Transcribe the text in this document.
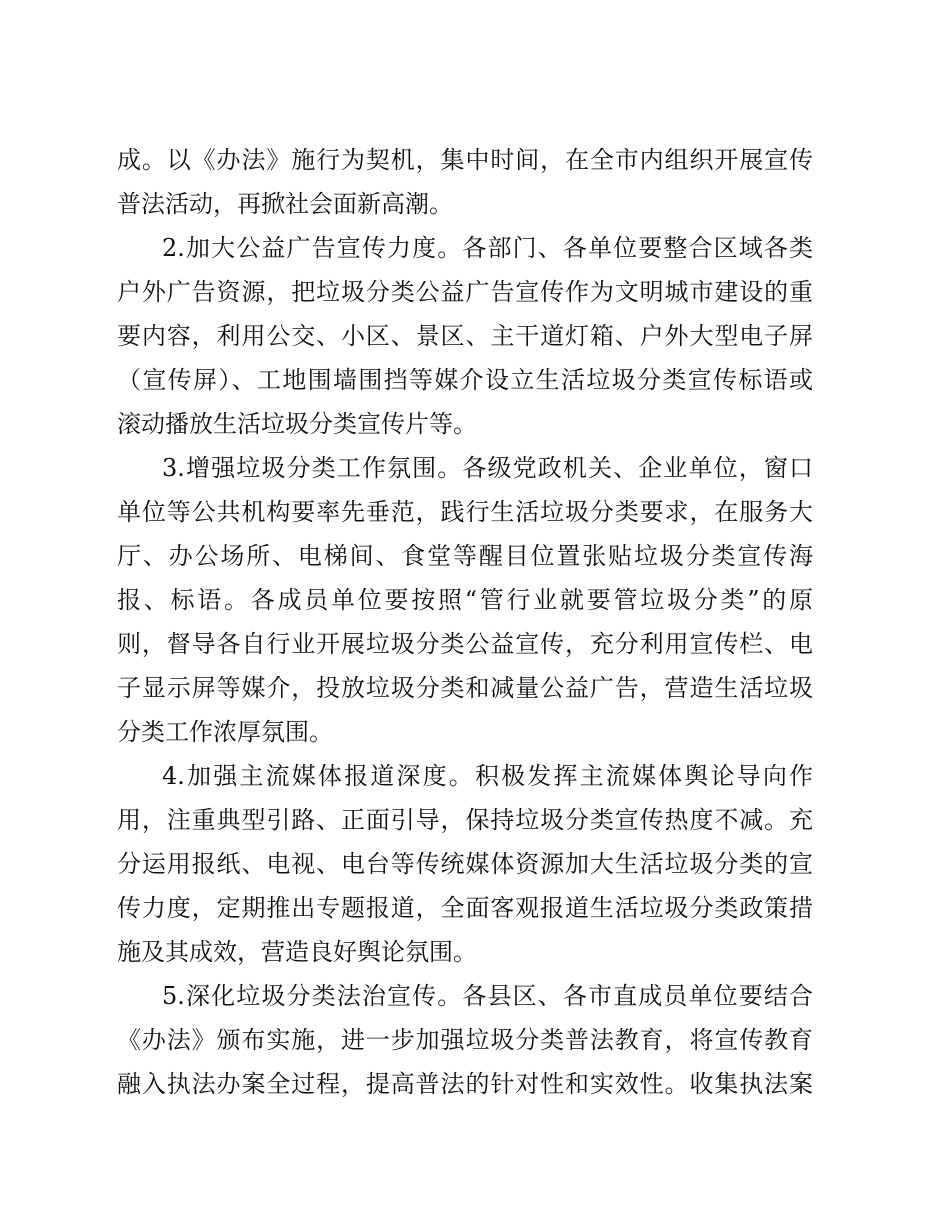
成。以《办法》施行为契机，集中时间，在全市内组织开展宣传
普法活动，再掀社会面新高潮。
2.加大公益广告宣传力度。各部门、各单位要整合区域各类
户外广告资源，把垃圾分类公益广告宣传作为文明城市建设的重
要内容，利用公交、小区、景区、主干道灯箱、户外大型电子屏
（宣传屏）、工地围墙围挡等媒介设立生活垃圾分类宣传标语或
滚动播放生活垃圾分类宣传片等。
3.增强垃圾分类工作氛围。各级党政机关、企业单位，窗口
单位等公共机构要率先垂范，践行生活垃圾分类要求，在服务大
厅、办公场所、电梯间、食堂等醒目位置张贴垃圾分类宣传海
报、标语。各成员单位要按照“管行业就要管垃圾分类”的原
则，督导各自行业开展垃圾分类公益宣传，充分利用宣传栏、电
子显示屏等媒介，投放垃圾分类和减量公益广告，营造生活垃圾
分类工作浓厚氛围。
4.加强主流媒体报道深度。积极发挥主流媒体舆论导向作
用，注重典型引路、正面引导，保持垃圾分类宣传热度不减。充
分运用报纸、电视、电台等传统媒体资源加大生活垃圾分类的宣
传力度，定期推出专题报道，全面客观报道生活垃圾分类政策措
施及其成效，营造良好舆论氛围。
5.深化垃圾分类法治宣传。各县区、各市直成员单位要结合
《办法》颁布实施，进一步加强垃圾分类普法教育，将宣传教育
融入执法办案全过程，提高普法的针对性和实效性。收集执法案
